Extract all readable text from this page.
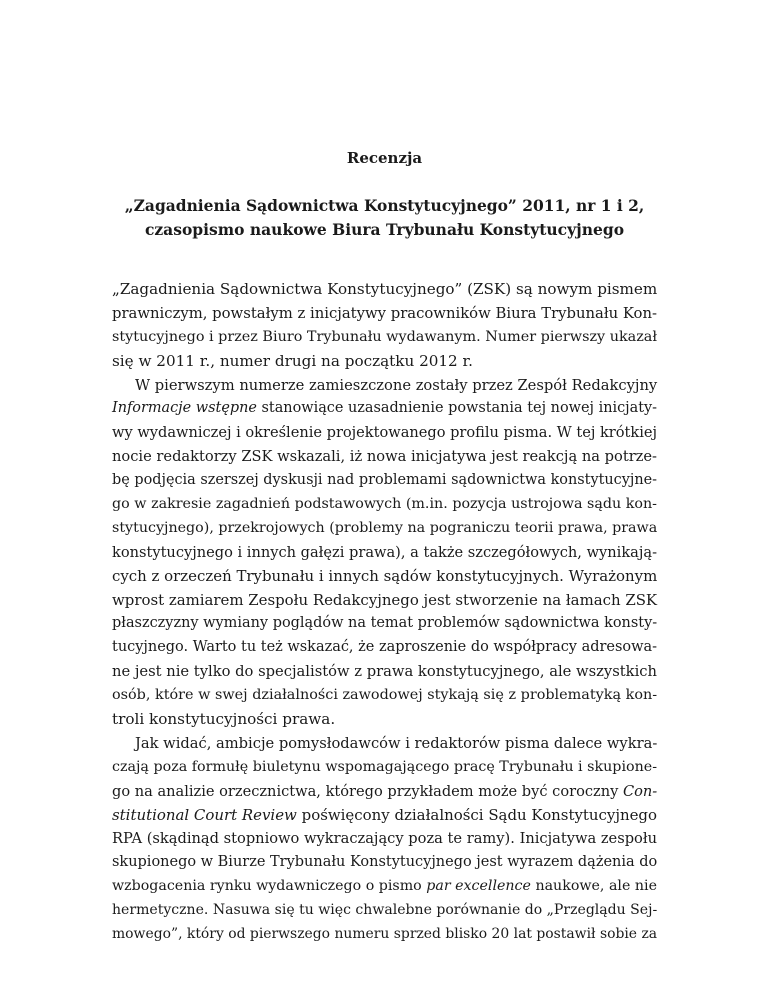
Recenzja
„Zagadnienia Sądownictwa Konstytucyjnego” 2011, nr 1 i 2,
czasopismo naukowe Biura Trybunału Konstytucyjnego
„Zagadnienia Sądownictwa Konstytucyjnego” (ZSK) są nowym pismem
prawniczym, powstałym z inicjatywy pracowników Biura Trybunału Kon-
stytucyjnego i przez Biuro Trybunału wydawanym. Numer pierwszy ukazał
się w 2011 r., numer drugi na początku 2012 r.
W pierwszym numerze zamieszczone zostały przez Zespół Redakcyjny
Informacje wstępne stanowiące uzasadnienie powstania tej nowej inicjaty-
wy wydawniczej i określenie projektowanego profilu pisma. W tej krótkiej
nocie redaktorzy ZSK wskazali, iż nowa inicjatywa jest reakcją na potrze-
bę podjęcia szerszej dyskusji nad problemami sądownictwa konstytucyjne-
go w zakresie zagadnień podstawowych (m.in. pozycja ustrojowa sądu kon-
stytucyjnego), przekrojowych (problemy na pograniczu teorii prawa, prawa
konstytucyjnego i innych gałęzi prawa), a także szczegółowych, wynikają-
cych z orzeczeń Trybunału i innych sądów konstytucyjnych. Wyrażonym
wprost zamiarem Zespołu Redakcyjnego jest stworzenie na łamach ZSK
płaszczyzny wymiany poglądów na temat problemów sądownictwa konsty-
tucyjnego. Warto tu też wskazać, że zaproszenie do współpracy adresowa-
ne jest nie tylko do specjalistów z prawa konstytucyjnego, ale wszystkich
osób, które w swej działalności zawodowej stykają się z problematyką kon-
troli konstytucyjności prawa.
Jak widać, ambicje pomysłodawców i redaktorów pisma dalece wykra-
czają poza formułę biuletynu wspomagającego pracę Trybunału i skupione-
go na analizie orzecznictwa, którego przykładem może być coroczny Con-
stitutional Court Review poświęcony działalności Sądu Konstytucyjnego
RPA (skądinąd stopniowo wykraczający poza te ramy). Inicjatywa zespołu
skupionego w Biurze Trybunału Konstytucyjnego jest wyrazem dążenia do
wzbogacenia rynku wydawniczego o pismo par excellence naukowe, ale nie
hermetyczne. Nasuwa się tu więc chwalebne porównanie do „Przeglądu Sej-
mowego”, który od pierwszego numeru sprzed blisko 20 lat postawił sobie za
